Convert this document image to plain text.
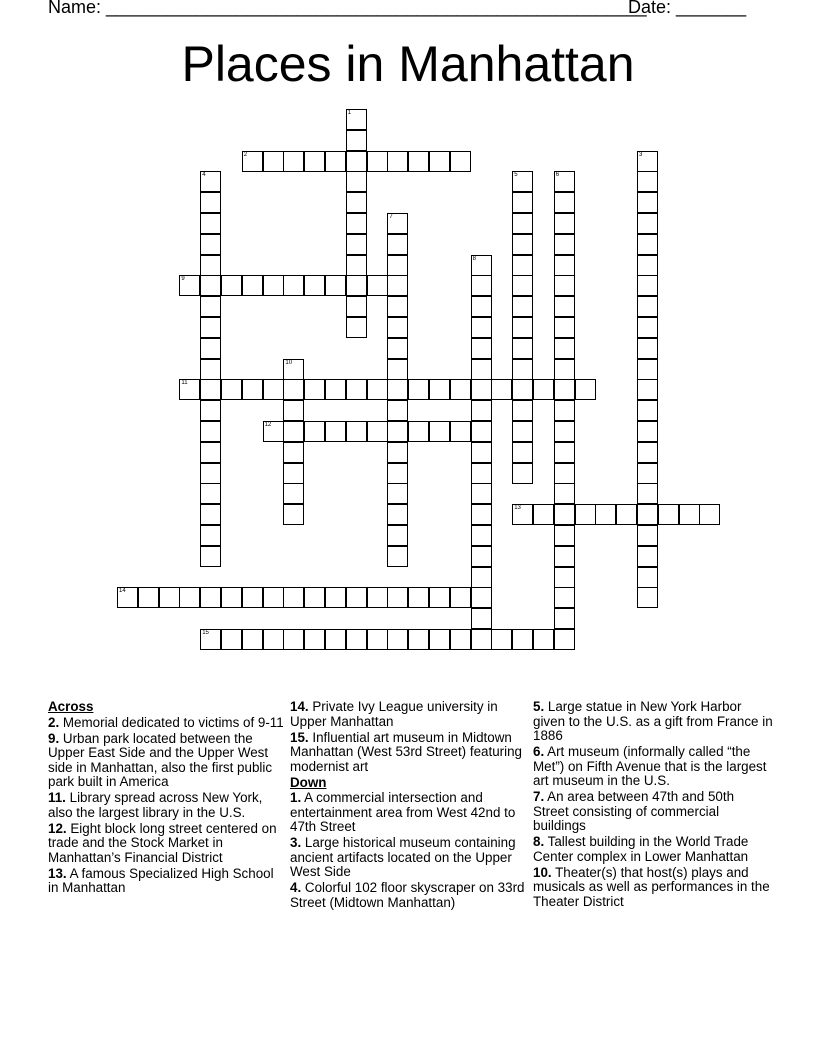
Name: ______________________________________________________

Date: _______

Places in Manhattan
1
2	3
4	5	6
7
8
9
10
11
12
13
14
15
Across
2. Memorial dedicated to victims of 9-11
9. Urban park located between the Upper East Side and the Upper West side in Manhattan, also the first public park built in America
11. Library spread across New York, also the largest library in the U.S.
12. Eight block long street centered on trade and the Stock Market in Manhattan’s Financial District
13. A famous Specialized High School in Manhattan
14. Private Ivy League university in Upper Manhattan
15. Influential art museum in Midtown Manhattan (West 53rd Street) featuring modernist art
Down
1. A commercial intersection and entertainment area from West 42nd to 47th Street
3. Large historical museum containing ancient artifacts located on the Upper West Side
4. Colorful 102 floor skyscraper on 33rd Street (Midtown Manhattan)
5. Large statue in New York Harbor given to the U.S. as a gift from France in 1886
6. Art museum (informally called “the Met”) on Fifth Avenue that is the largest art museum in the U.S.
7. An area between 47th and 50th Street consisting of commercial buildings
8. Tallest building in the World Trade Center complex in Lower Manhattan
10. Theater(s) that host(s) plays and musicals as well as performances in the Theater District
